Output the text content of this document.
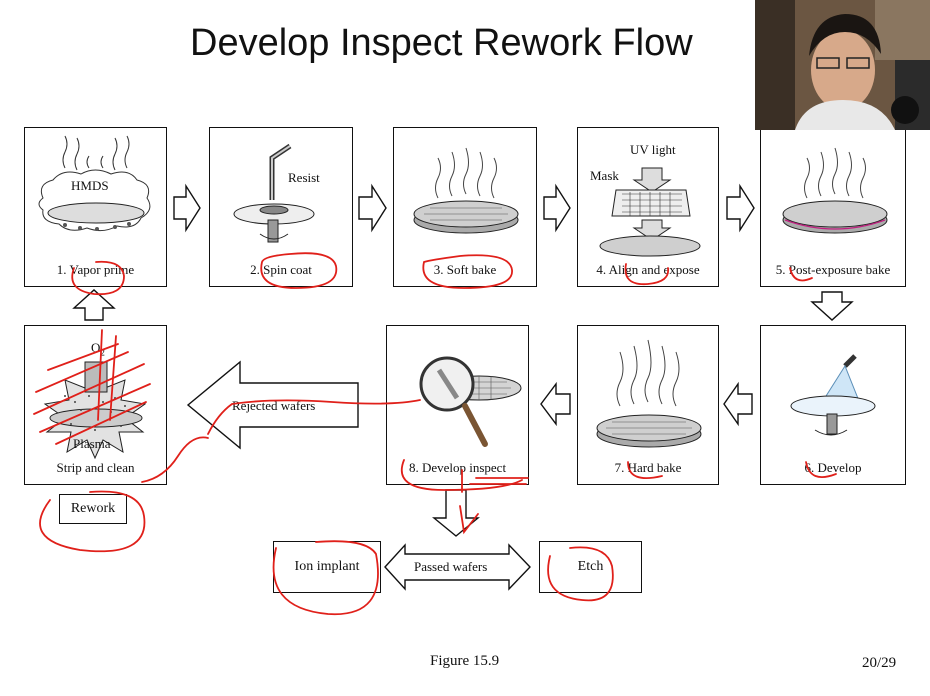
Develop Inspect Rework Flow
HMDS
1. Vapor prime
Resist
2. Spin coat	3. Soft bake
UV light
Mask
4. Align and expose	5. Post-exposure bake
$O_2$
Plasma
Strip and clean	8. Develop inspect	7. Hard bake	6. Develop
Rework
Ion implant	Etch
Rejected wafers
Passed wafers
Figure 15.9	20/29
